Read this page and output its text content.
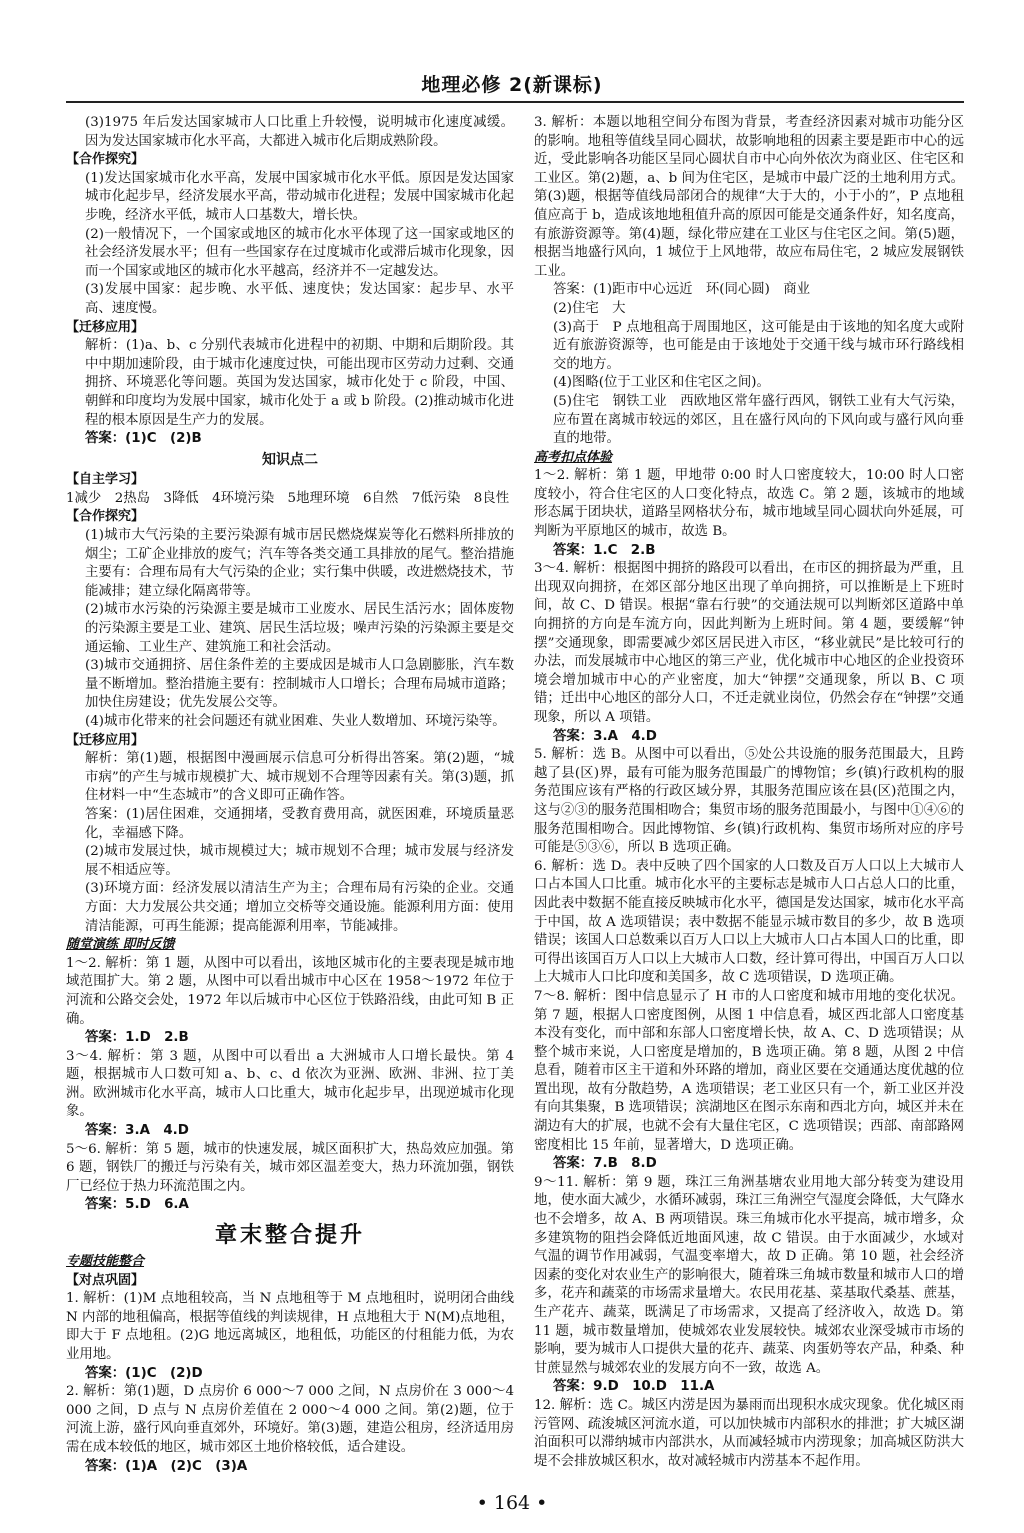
地理必修 2(新课标)

(3)1975 年后发达国家城市人口比重上升较慢，说明城市化速度减缓。因为发达国家城市化水平高，大都进入城市化后期成熟阶段。

【合作探究】

(1)发达国家城市化水平高，发展中国家城市化水平低。原因是发达国家城市化起步早，经济发展水平高，带动城市化进程；发展中国家城市化起步晚，经济水平低，城市人口基数大，增长快。

(2)一般情况下，一个国家或地区的城市化水平体现了这一国家或地区的社会经济发展水平；但有一些国家存在过度城市化或滞后城市化现象，因而一个国家或地区的城市化水平越高，经济并不一定越发达。

(3)发展中国家：起步晚、水平低、速度快；发达国家：起步早、水平高、速度慢。

【迁移应用】

解析：(1)a、b、c 分别代表城市化进程中的初期、中期和后期阶段。其中中期加速阶段，由于城市化速度过快，可能出现市区劳动力过剩、交通拥挤、环境恶化等问题。英国为发达国家，城市化处于 c 阶段，中国、朝鲜和印度均为发展中国家，城市化处于 a 或 b 阶段。(2)推动城市化进程的根本原因是生产力的发展。

答案：(1)C　(2)B

知识点二

【自主学习】

1减少　2热岛　3降低　4环境污染　5地理环境　6自然　7低污染　8良性

【合作探究】

(1)城市大气污染的主要污染源有城市居民燃烧煤炭等化石燃料所排放的烟尘；工矿企业排放的废气；汽车等各类交通工具排放的尾气。整治措施主要有：合理布局有大气污染的企业；实行集中供暖，改进燃烧技术，节能减排；建立绿化隔离带等。

(2)城市水污染的污染源主要是城市工业废水、居民生活污水；固体废物的污染源主要是工业、建筑、居民生活垃圾；噪声污染的污染源主要是交通运输、工业生产、建筑施工和社会活动。

(3)城市交通拥挤、居住条件差的主要成因是城市人口急剧膨胀，汽车数量不断增加。整治措施主要有：控制城市人口增长；合理布局城市道路；加快住房建设；优先发展公交等。

(4)城市化带来的社会问题还有就业困难、失业人数增加、环境污染等。

【迁移应用】

解析：第(1)题，根据图中漫画展示信息可分析得出答案。第(2)题，“城市病”的产生与城市规模扩大、城市规划不合理等因素有关。第(3)题，抓住材料一中“生态城市”的含义即可正确作答。

答案：(1)居住困难，交通拥堵，受教育费用高，就医困难，环境质量恶化，幸福感下降。

(2)城市发展过快，城市规模过大；城市规划不合理；城市发展与经济发展不相适应等。

(3)环境方面：经济发展以清洁生产为主；合理布局有污染的企业。交通方面：大力发展公共交通；增加立交桥等交通设施。能源利用方面：使用清洁能源，可再生能源；提高能源利用率，节能减排。

随堂演练 即时反馈

1～2. 解析：第 1 题，从图中可以看出，该地区城市化的主要表现是城市地域范围扩大。第 2 题，从图中可以看出城市中心区在 1958～1972 年位于河流和公路交会处，1972 年以后城市中心区位于铁路沿线，由此可知 B 正确。

答案：1.D　2.B

3～4. 解析：第 3 题，从图中可以看出 a 大洲城市人口增长最快。第 4 题，根据城市人口数可知 a、b、c、d 依次为亚洲、欧洲、非洲、拉丁美洲。欧洲城市化水平高，城市人口比重大，城市化起步早，出现逆城市化现象。

答案：3.A　4.D

5～6. 解析：第 5 题，城市的快速发展，城区面积扩大，热岛效应加强。第 6 题，钢铁厂的搬迁与污染有关，城市郊区温差变大，热力环流加强，钢铁厂已经位于热力环流范围之内。

答案：5.D　6.A

章末整合提升

专题技能整合

【对点巩固】

1. 解析：(1)M 点地租较高，当 N 点地租等于 M 点地租时，说明闭合曲线 N 内部的地租偏高，根据等值线的判读规律，H 点地租大于 N(M)点地租，即大于 F 点地租。(2)G 地远离城区，地租低，功能区的付租能力低，为农业用地。

答案：(1)C　(2)D

2. 解析：第(1)题，D 点房价 6 000～7 000 之间，N 点房价在 3 000～4 000 之间，D 点与 N 点房价差值在 2 000～4 000 之间。第(2)题，位于河流上游，盛行风向垂直郊外，环境好。第(3)题，建造公租房，经济适用房需在成本较低的地区，城市郊区土地价格较低，适合建设。

答案：(1)A　(2)C　(3)A

3. 解析：本题以地租空间分布图为背景，考查经济因素对城市功能分区的影响。地租等值线呈同心圆状，故影响地租的因素主要是距市中心的远近，受此影响各功能区呈同心圆状自市中心向外依次为商业区、住宅区和工业区。第(2)题，a、b 间为住宅区，是城市中最广泛的土地利用方式。第(3)题，根据等值线局部闭合的规律“大于大的，小于小的”，P 点地租值应高于 b，造成该地地租值升高的原因可能是交通条件好，知名度高，有旅游资源等。第(4)题，绿化带应建在工业区与住宅区之间。第(5)题，根据当地盛行风向，1 城位于上风地带，故应布局住宅，2 城应发展钢铁工业。

答案：(1)距市中心远近　环(同心圆)　商业

(2)住宅　大

(3)高于　P 点地租高于周围地区，这可能是由于该地的知名度大或附近有旅游资源等，也可能是由于该地处于交通干线与城市环行路线相交的地方。

(4)图略(位于工业区和住宅区之间)。

(5)住宅　钢铁工业　西欧地区常年盛行西风，钢铁工业有大气污染，应布置在离城市较远的郊区，且在盛行风向的下风向或与盛行风向垂直的地带。

高考扣点体验

1～2. 解析：第 1 题，甲地带 0:00 时人口密度较大，10:00 时人口密度较小，符合住宅区的人口变化特点，故选 C。第 2 题，该城市的地域形态属于团块状，道路呈网格状分布，城市地域呈同心圆状向外延展，可判断为平原地区的城市，故选 B。

答案：1.C　2.B

3～4. 解析：根据图中拥挤的路段可以看出，在市区的拥挤最为严重，且出现双向拥挤，在郊区部分地区出现了单向拥挤，可以推断是上下班时间，故 C、D 错误。根据“靠右行驶”的交通法规可以判断郊区道路中单向拥挤的方向是车流方向，因此判断为上班时间。第 4 题，要缓解“钟摆”交通现象，即需要减少郊区居民进入市区，“移业就民”是比较可行的办法，而发展城市中心地区的第三产业，优化城市中心地区的企业投资环境会增加城市中心的产业密度，加大“钟摆”交通现象，所以 B、C 项错；迁出中心地区的部分人口，不迁走就业岗位，仍然会存在“钟摆”交通现象，所以 A 项错。

答案：3.A　4.D

5. 解析：选 B。从图中可以看出，⑤处公共设施的服务范围最大，且跨越了县(区)界，最有可能为服务范围最广的博物馆；乡(镇)行政机构的服务范围应该有严格的行政区域分界，其服务范围应该在县(区)范围之内，这与②③的服务范围相吻合；集贸市场的服务范围最小，与图中①④⑥的服务范围相吻合。因此博物馆、乡(镇)行政机构、集贸市场所对应的序号可能是⑤③⑥，所以 B 选项正确。

6. 解析：选 D。表中反映了四个国家的人口数及百万人口以上大城市人口占本国人口比重。城市化水平的主要标志是城市人口占总人口的比重，因此表中数据不能直接反映城市化水平，德国是发达国家，城市化水平高于中国，故 A 选项错误；表中数据不能显示城市数目的多少，故 B 选项错误；该国人口总数乘以百万人口以上大城市人口占本国人口的比重，即可得出该国百万人口以上大城市人口数，经计算可得出，中国百万人口以上大城市人口比印度和美国多，故 C 选项错误，D 选项正确。

7～8. 解析：图中信息显示了 H 市的人口密度和城市用地的变化状况。第 7 题，根据人口密度图例，从图 1 中信息看，城区西北部人口密度基本没有变化，而中部和东部人口密度增长快，故 A、C、D 选项错误；从整个城市来说，人口密度是增加的，B 选项正确。第 8 题，从图 2 中信息看，随着市区主干道和外环路的增加，商业区要在交通通达度优越的位置出现，故有分散趋势，A 选项错误；老工业区只有一个，新工业区并没有向其集聚，B 选项错误；滨湖地区在图示东南和西北方向，城区并未在湖边有大的扩展，也就不会有大量住宅区，C 选项错误；西部、南部路网密度相比 15 年前，显著增大，D 选项正确。

答案：7.B　8.D

9～11. 解析：第 9 题，珠江三角洲基塘农业用地大部分转变为建设用地，使水面大减少，水循环减弱，珠江三角洲空气湿度会降低，大气降水也不会增多，故 A、B 两项错误。珠三角城市化水平提高，城市增多，众多建筑物的阻挡会降低近地面风速，故 C 错误。由于水面减少，水域对气温的调节作用减弱，气温变率增大，故 D 正确。第 10 题，社会经济因素的变化对农业生产的影响很大，随着珠三角城市数量和城市人口的增多，花卉和蔬菜的市场需求量增大。农民用花基、菜基取代桑基、蔗基，生产花卉、蔬菜，既满足了市场需求，又提高了经济收入，故选 D。第 11 题，城市数量增加，使城郊农业发展较快。城郊农业深受城市市场的影响，要为城市人口提供大量的花卉、蔬菜、肉蛋奶等农产品，种桑、种甘蔗显然与城郊农业的发展方向不一致，故选 A。

答案：9.D　10.D　11.A

12. 解析：选 C。城区内涝是因为暴雨而出现积水成灾现象。优化城区雨污管网、疏浚城区河流水道，可以加快城市内部积水的排泄；扩大城区湖泊面积可以滞纳城市内部洪水，从而减轻城市内涝现象；加高城区防洪大堤不会排放城区积水，故对减轻城市内涝基本不起作用。

• 164 •
